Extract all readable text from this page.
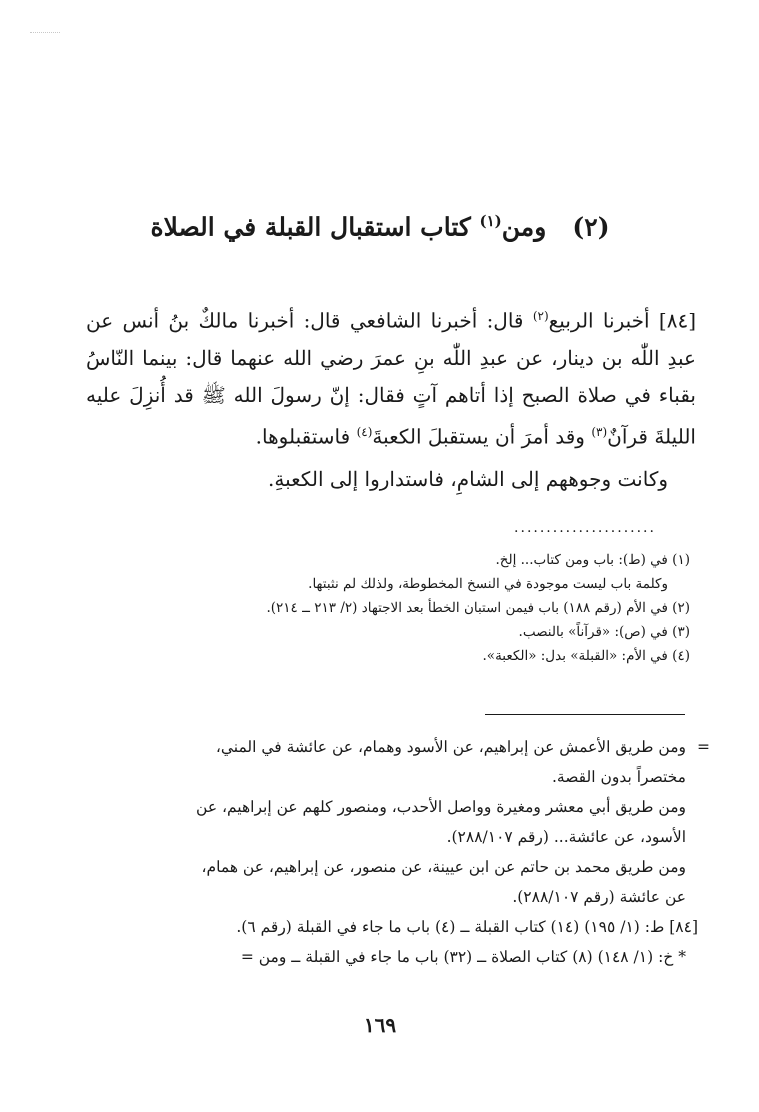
(٢)   ومن$^{(١)}$ كتاب استقبال القبلة في الصلاة

[٨٤] أخبرنا الربيع$^{(٢)}$ قال: أخبرنا الشافعي قال: أخبرنا مالكٌ بنُ أنس عن عبدِ اللّٰه بن دينار، عن عبدِ اللّٰه بنِ عمرَ رضي الله عنهما قال: بينما النّاسُ بقباء في صلاة الصبح إذا أتاهم آتٍ فقال: إنّ رسولَ الله ﷺ قد أُنزِلَ عليه الليلةَ قرآنٌ$^{(٣)}$ وقد أمرَ أن يستقبلَ الكعبةَ$^{(٤)}$ فاستقبلوها.

وكانت وجوههم إلى الشامِ، فاستداروا إلى الكعبةِ.

......................
(١) في (ط): باب ومن كتاب... إلخ.
وكلمة باب ليست موجودة في النسخ المخطوطة، ولذلك لم نثبتها.
(٢) في الأم (رقم ١٨٨) باب فيمن استبان الخطأ بعد الاجتهاد (٢/ ٢١٣ ــ ٢١٤).
(٣) في (ص): «قرآناً» بالنصب.
(٤) في الأم: «القبلة» بدل: «الكعبة».
=
ومن طريق الأعمش عن إبراهيم، عن الأسود وهمام، عن عائشة في المني،
مختصراً بدون القصة.
ومن طريق أبي معشر ومغيرة وواصل الأحدب، ومنصور كلهم عن إبراهيم، عن
الأسود، عن عائشة... (رقم ٢٨٨/١٠٧).
ومن طريق محمد بن حاتم عن ابن عيينة، عن منصور، عن إبراهيم، عن همام،
عن عائشة (رقم ٢٨٨/١٠٧).
[٨٤] ط: (١/ ١٩٥) (١٤) كتاب القبلة ــ (٤) باب ما جاء في القبلة (رقم ٦).
* خ: (١/ ١٤٨) (٨) كتاب الصلاة ــ (٣٢) باب ما جاء في القبلة ــ ومن =
١٦٩
